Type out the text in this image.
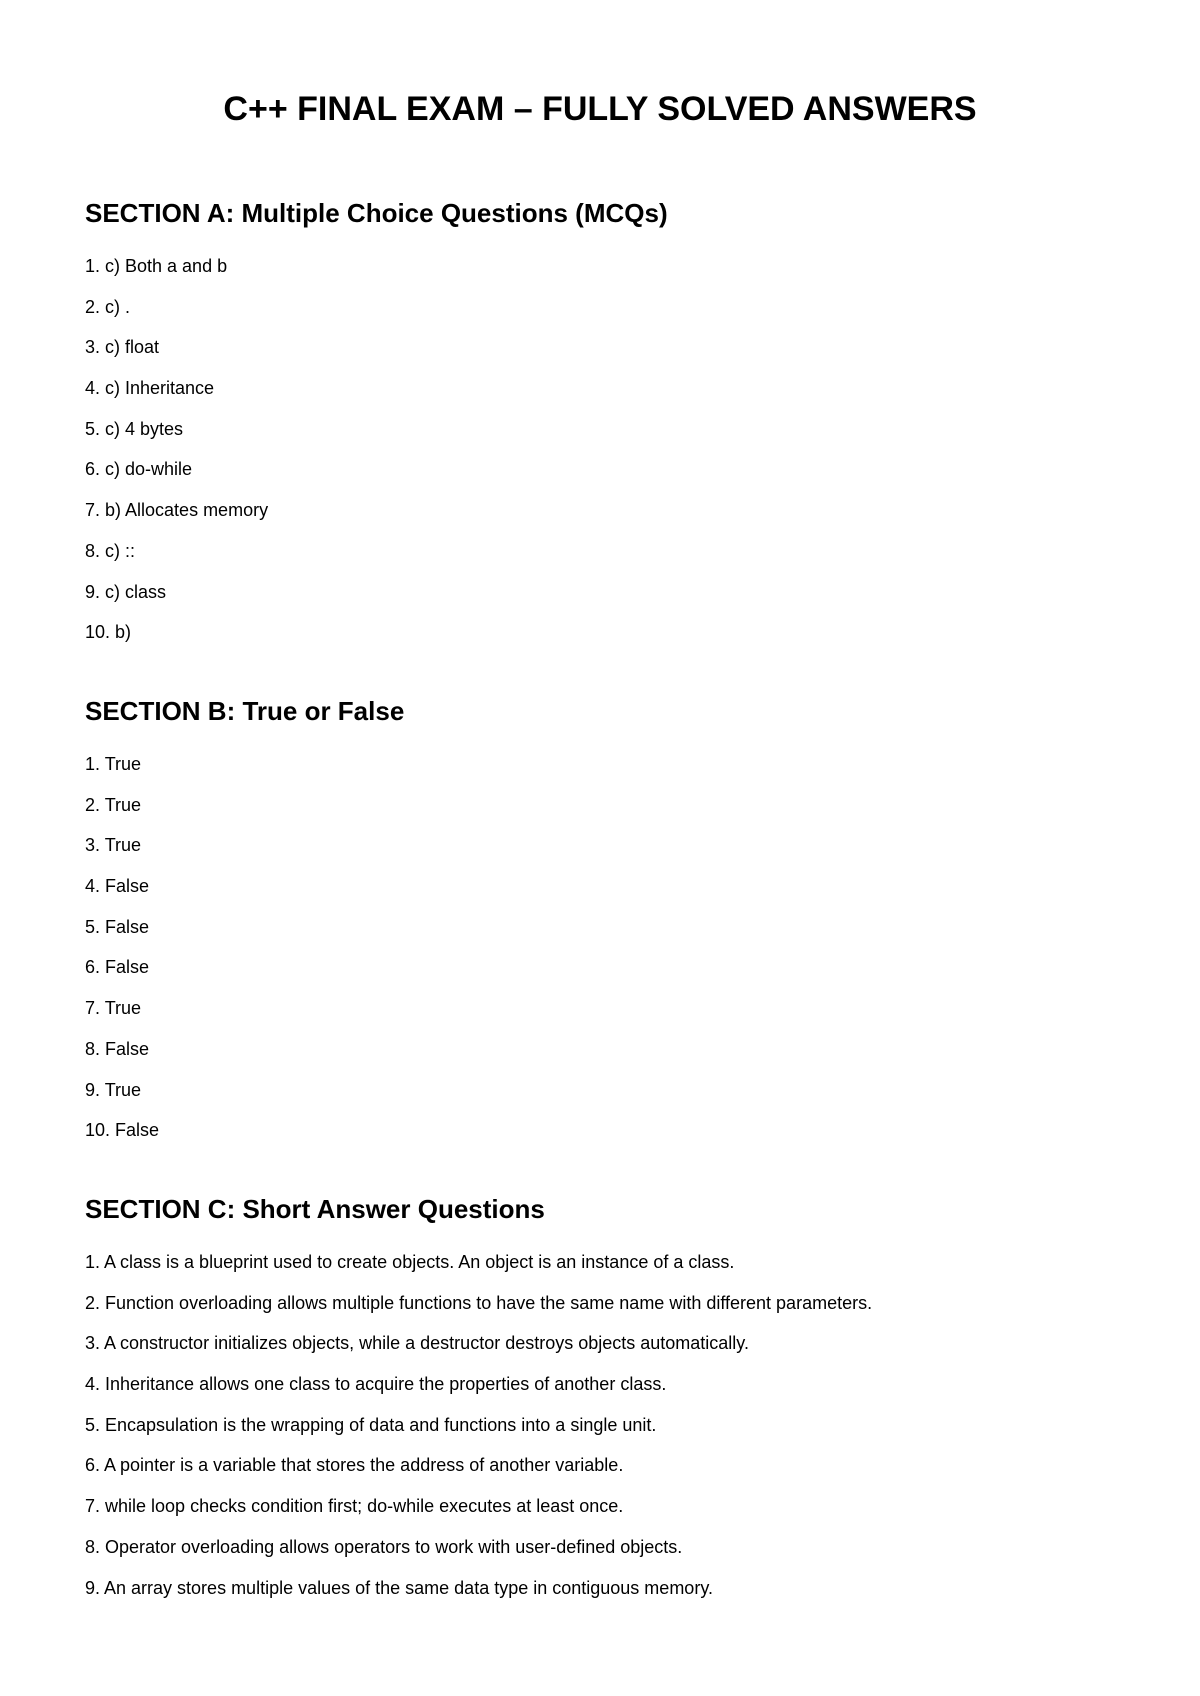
C++ FINAL EXAM – FULLY SOLVED ANSWERS
SECTION A: Multiple Choice Questions (MCQs)
1. c) Both a and b
2. c) .
3. c) float
4. c) Inheritance
5. c) 4 bytes
6. c) do-while
7. b) Allocates memory
8. c) ::
9. c) class
10. b)
SECTION B: True or False
1. True
2. True
3. True
4. False
5. False
6. False
7. True
8. False
9. True
10. False
SECTION C: Short Answer Questions
1. A class is a blueprint used to create objects. An object is an instance of a class.
2. Function overloading allows multiple functions to have the same name with different parameters.
3. A constructor initializes objects, while a destructor destroys objects automatically.
4. Inheritance allows one class to acquire the properties of another class.
5. Encapsulation is the wrapping of data and functions into a single unit.
6. A pointer is a variable that stores the address of another variable.
7. while loop checks condition first; do-while executes at least once.
8. Operator overloading allows operators to work with user-defined objects.
9. An array stores multiple values of the same data type in contiguous memory.
